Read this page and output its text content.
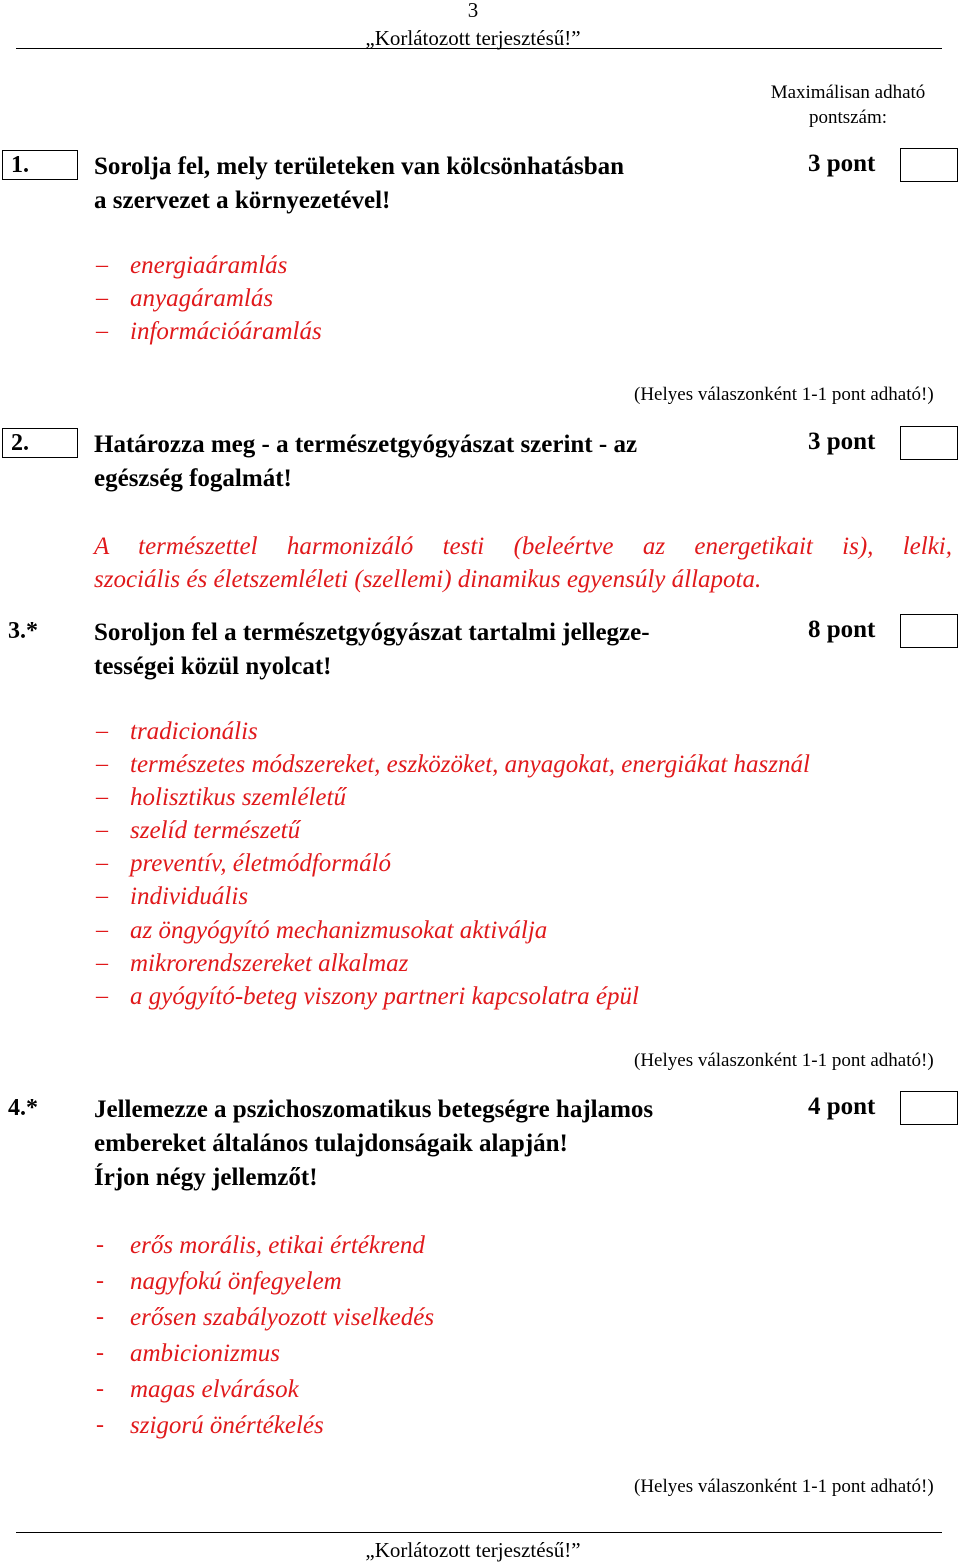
3
„Korlátozott terjesztésű!”
Maximálisan adható
pontszám:
1.	Sorolja fel, mely területeken van kölcsönhatásban
a szervezet a környezetével!
3 pont
– energiaáramlás
– anyagáramlás
– információáramlás
(Helyes válaszonként 1-1 pont adható!)
2.	Határozza meg - a természetgyógyászat szerint - az
egészség fogalmát!
3 pont
A természettel harmonizáló testi (beleértve az energetikait is), lelki,
szociális és életszemléleti (szellemi) dinamikus egyensúly állapota.
3.* Soroljon fel a természetgyógyászat tartalmi jellegze-
tességei közül nyolcat!
8 pont
– tradicionális
– természetes módszereket, eszközöket, anyagokat, energiákat használ
– holisztikus szemléletű
– szelíd természetű
– preventív, életmódformáló
– individuális
– az öngyógyító mechanizmusokat aktiválja
– mikrorendszereket alkalmaz
– a gyógyító-beteg viszony partneri kapcsolatra épül
(Helyes válaszonként 1-1 pont adható!)
4.* Jellemezze a pszichoszomatikus betegségre hajlamos
embereket általános tulajdonságaik alapján!
Írjon négy jellemzőt!
4 pont
- erős morális, etikai értékrend
- nagyfokú önfegyelem
- erősen szabályozott viselkedés
- ambicionizmus
- magas elvárások
- szigorú önértékelés
(Helyes válaszonként 1-1 pont adható!)
„Korlátozott terjesztésű!”
